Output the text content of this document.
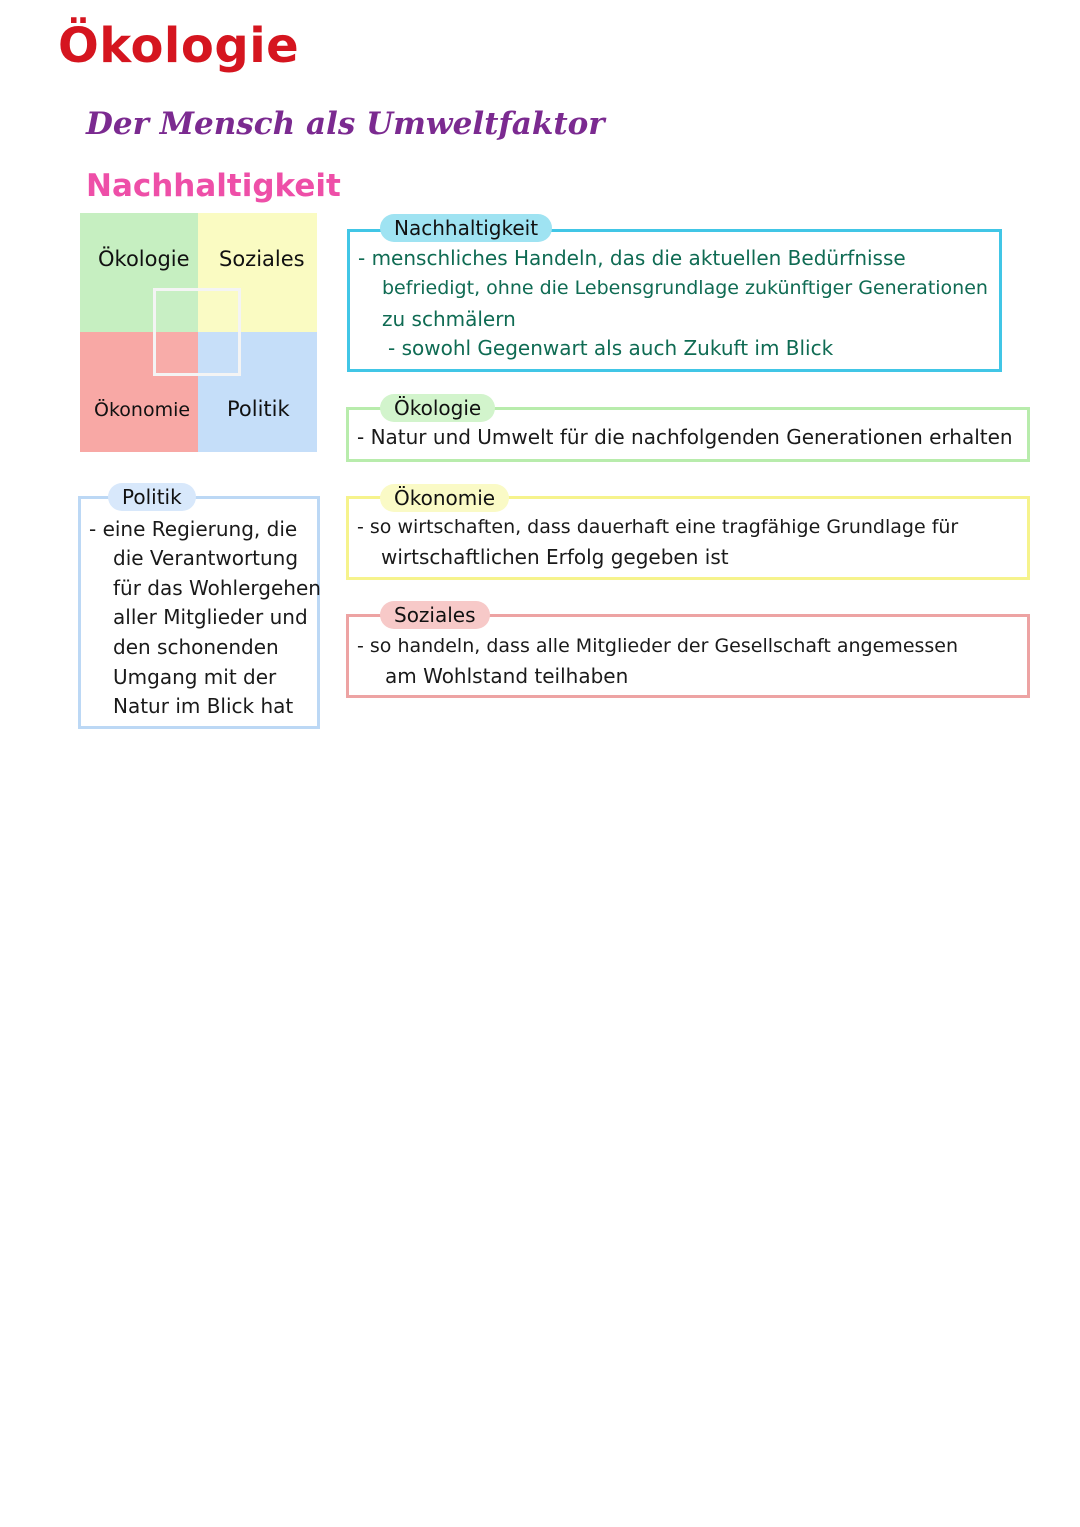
Ökologie
Der Mensch als Umweltfaktor
Nachhaltigkeit
Ökologie Soziales
Ökonomie Politik
- menschliches Handeln, das die aktuellen Bedürfnisse
befriedigt, ohne die Lebensgrundlage zukünftiger Generationen
zu schmälern
- sowohl Gegenwart als auch Zukuft im Blick
Nachhaltigkeit
- Natur und Umwelt für die nachfolgenden Generationen erhalten
Ökologie
- eine Regierung, die
die Verantwortung
für das Wohlergehen
aller Mitglieder und
den schonenden
Umgang mit der
Natur im Blick hat
Politik
- so wirtschaften, dass dauerhaft eine tragfähige Grundlage für
wirtschaftlichen Erfolg gegeben ist
Ökonomie
- so handeln, dass alle Mitglieder der Gesellschaft angemessen
am Wohlstand teilhaben
Soziales
